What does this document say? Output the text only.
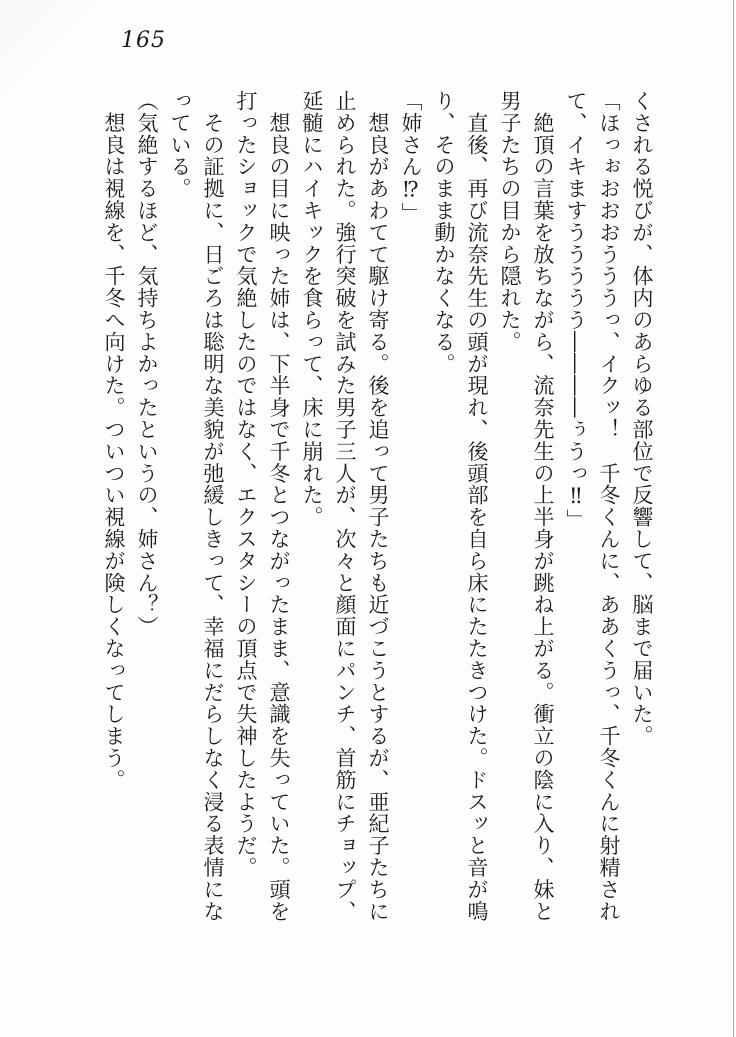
165
くされる悦びが、体内のあらゆる部位で反響して、脳まで届いた。
「ほっぉおおおうううっ、イクッ！　千冬くんに、ああくうっ、千冬くんに射精され
て、イキますううううう――――ぅうっ‼」
　絶頂の言葉を放ちながら、流奈先生の上半身が跳ね上がる。衝立の陰に入り、妹と
男子たちの目から隠れた。
　直後、再び流奈先生の頭が現れ、後頭部を自ら床にたたきつけた。ドスッと音が鳴
り、そのまま動かなくなる。
「姉さん⁉」
　想良があわてて駆け寄る。後を追って男子たちも近づこうとするが、亜紀子たちに
止められた。強行突破を試みた男子三人が、次々と顔面にパンチ、首筋にチョップ、
延髄にハイキックを食らって、床に崩れた。
　想良の目に映った姉は、下半身で千冬とつながったまま、意識を失っていた。頭を
打ったショックで気絶したのではなく、エクスタシーの頂点で失神したようだ。
　その証拠に、日ごろは聡明な美貌が弛緩しきって、幸福にだらしなく浸る表情にな
っている。
（気絶するほど、気持ちよかったというの、姉さん？）
　想良は視線を、千冬へ向けた。ついつい視線が険しくなってしまう。
